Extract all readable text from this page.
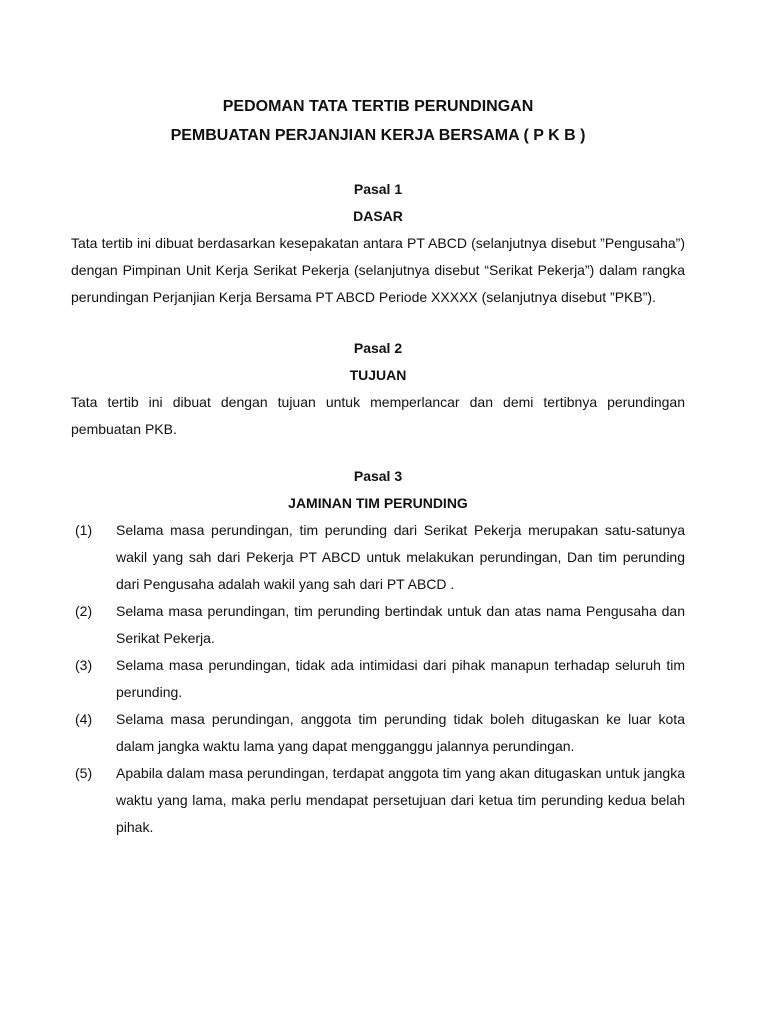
PEDOMAN TATA TERTIB PERUNDINGAN

PEMBUATAN PERJANJIAN KERJA BERSAMA ( P K B )

Pasal 1

DASAR

Tata tertib ini dibuat berdasarkan kesepakatan antara PT ABCD (selanjutnya disebut ”Pengusaha”) dengan Pimpinan Unit Kerja Serikat Pekerja (selanjutnya disebut “Serikat Pekerja”) dalam rangka perundingan Perjanjian Kerja Bersama PT ABCD Periode XXXXX (selanjutnya disebut ”PKB”).

Pasal 2

TUJUAN

Tata tertib ini dibuat dengan tujuan untuk memperlancar dan demi tertibnya perundingan pembuatan PKB.

Pasal 3

JAMINAN TIM PERUNDING

(1)	Selama masa perundingan, tim perunding dari Serikat Pekerja merupakan satu-satunya wakil yang sah dari Pekerja PT ABCD untuk melakukan perundingan, Dan tim perunding dari Pengusaha adalah wakil yang sah dari PT ABCD .
(2)	Selama masa perundingan, tim perunding bertindak untuk dan atas nama Pengusaha dan Serikat Pekerja.
(3)	Selama masa perundingan, tidak ada intimidasi dari pihak manapun terhadap seluruh tim perunding.
(4)	Selama masa perundingan, anggota tim perunding tidak boleh ditugaskan ke luar kota dalam jangka waktu lama yang dapat mengganggu jalannya perundingan.
(5)	Apabila dalam masa perundingan, terdapat anggota tim yang akan ditugaskan untuk jangka waktu yang lama, maka perlu mendapat persetujuan dari ketua tim perunding kedua belah pihak.
